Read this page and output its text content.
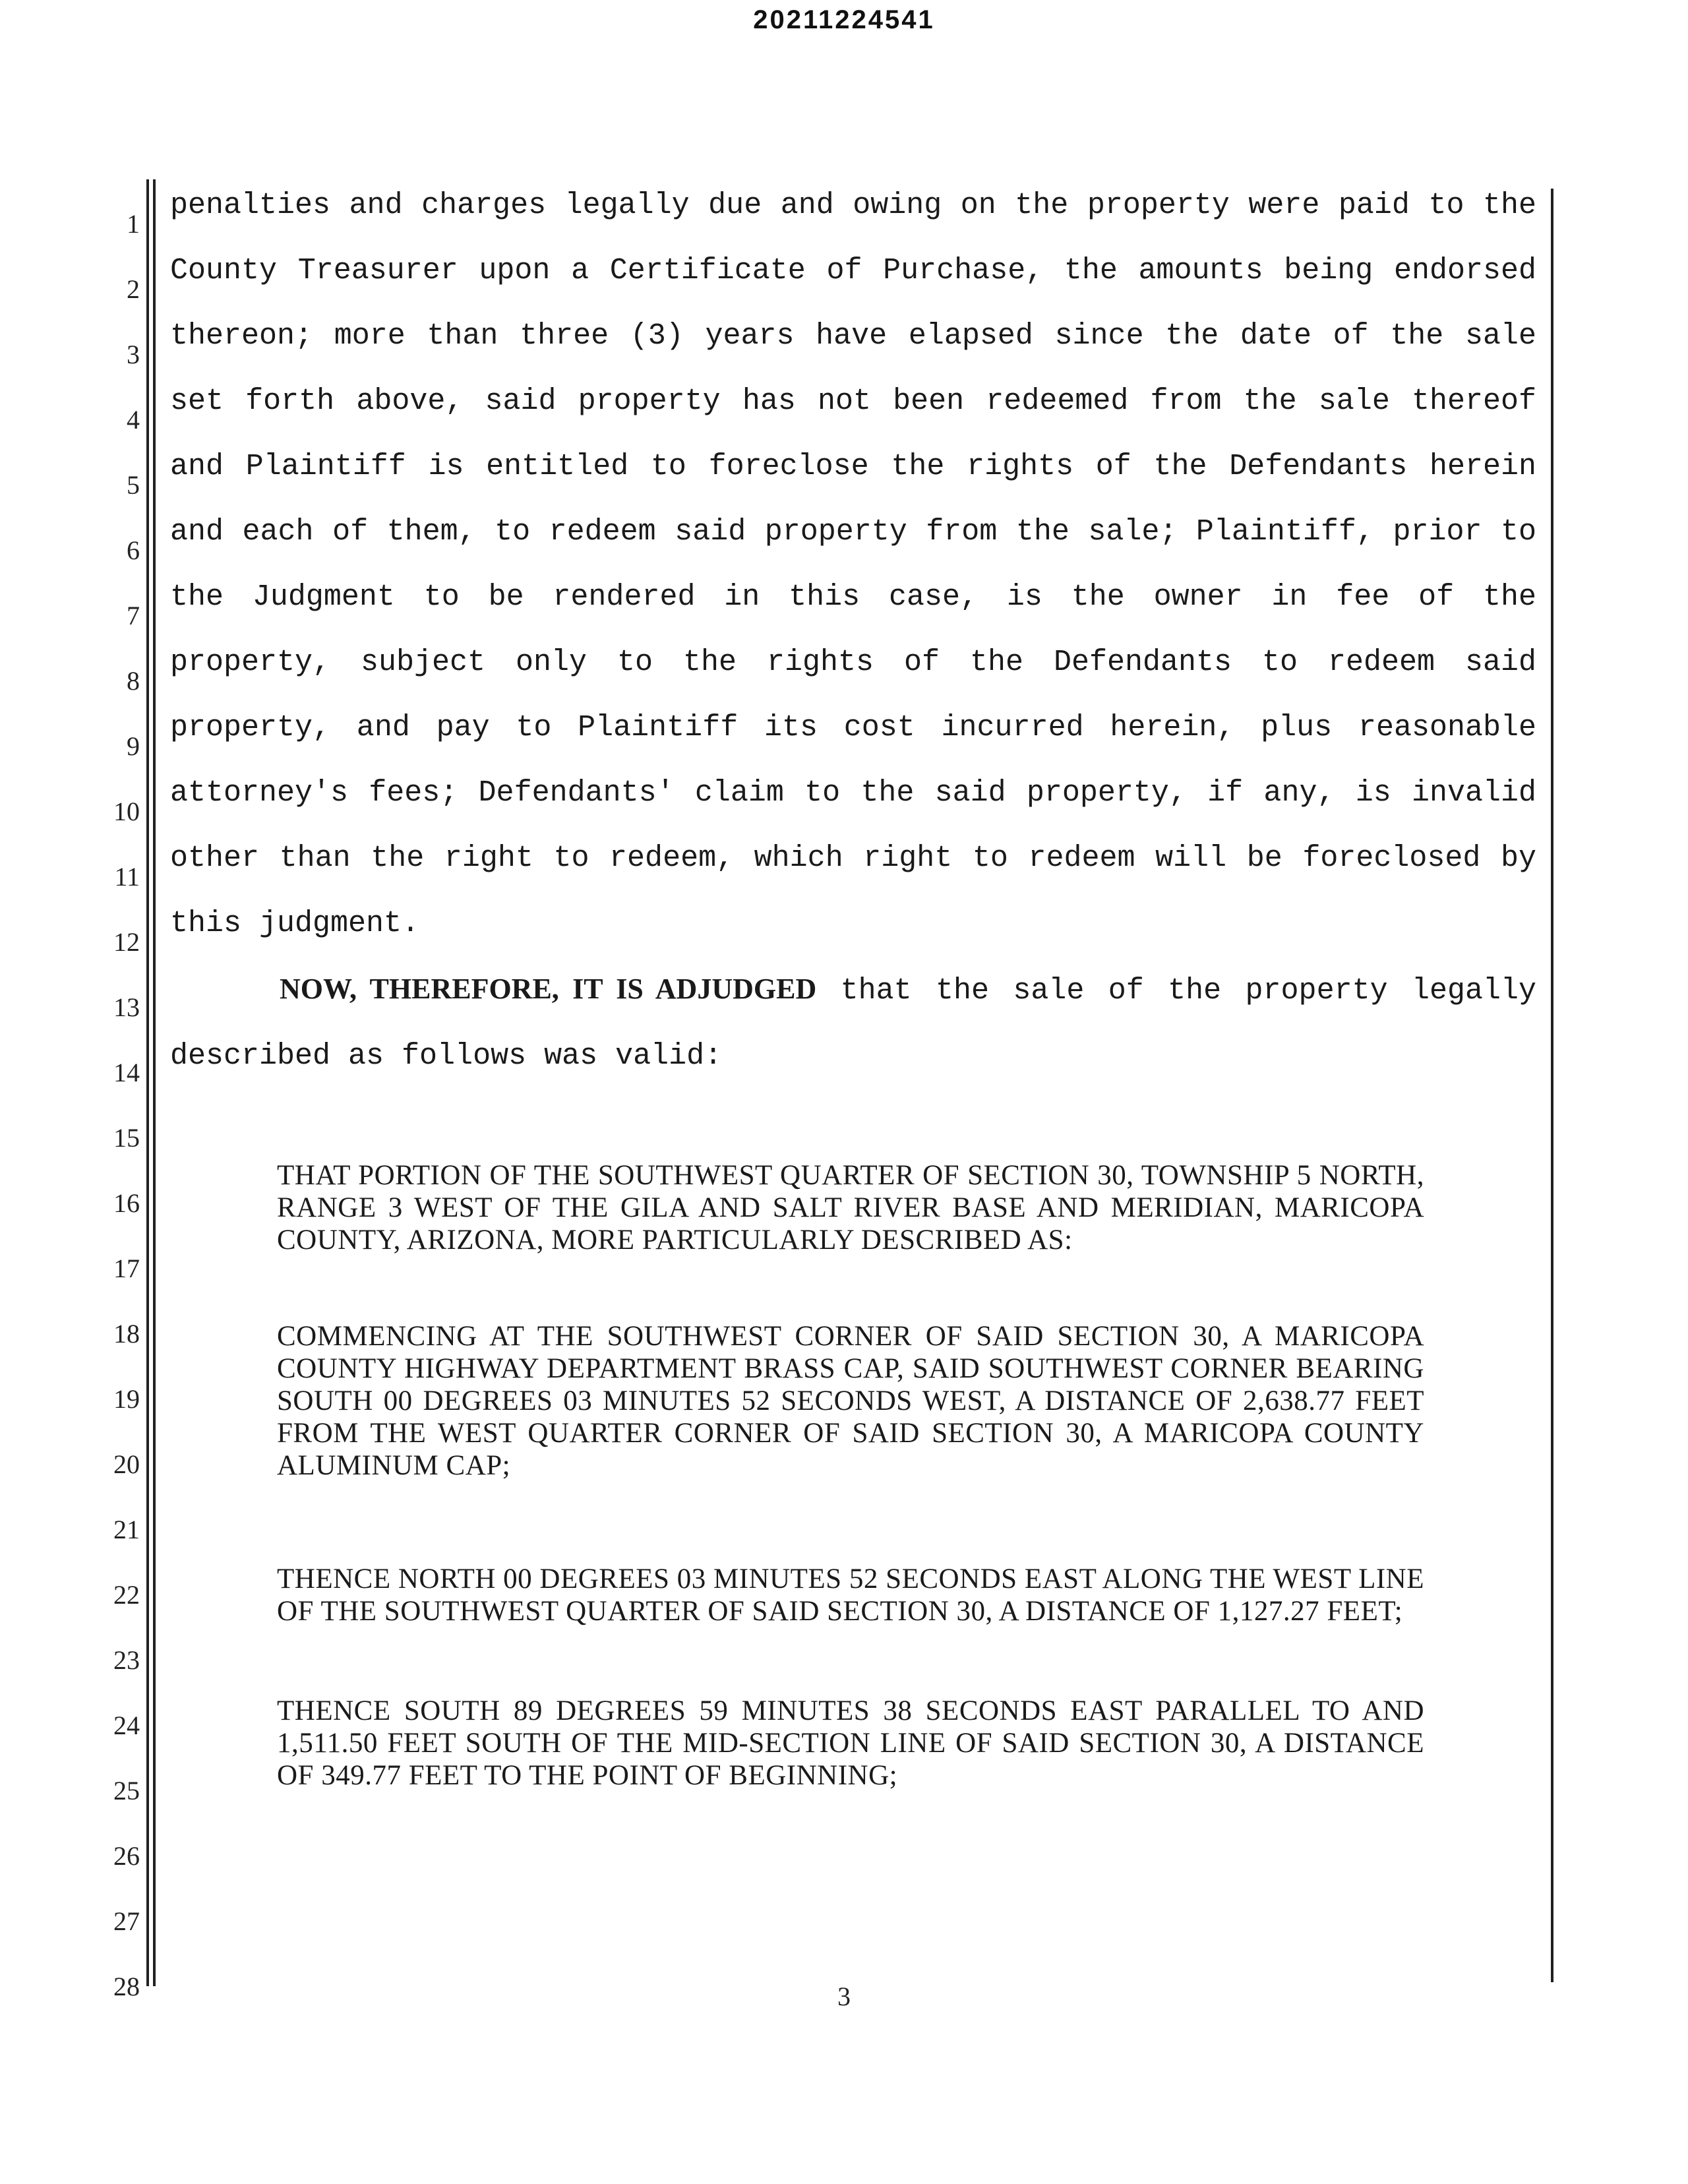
20211224541
1
2
3
4
5
6
7
8
9
10
11
12
13
14
15
16
17
18
19
20
21
22
23
24
25
26
27
28

penalties and charges legally due and owing on the property were paid to the County Treasurer upon a Certificate of Purchase, the amounts being endorsed thereon; more than three (3) years have elapsed since the date of the sale set forth above, said property has not been redeemed from the sale thereof and Plaintiff is entitled to foreclose the rights of the Defendants herein and each of them, to redeem said property from the sale; Plaintiff, prior to the Judgment to be rendered in this case, is the owner in fee of the property, subject only to the rights of the Defendants to redeem said property, and pay to Plaintiff its cost incurred herein, plus reasonable attorney's fees; Defendants' claim to the said property, if any, is invalid other than the right to redeem, which right to redeem will be foreclosed by this judgment.

NOW, THEREFORE, IT IS ADJUDGED that the sale of the property legally described as follows was valid:

THAT PORTION OF THE SOUTHWEST QUARTER OF SECTION 30, TOWNSHIP 5 NORTH, RANGE 3 WEST OF THE GILA AND SALT RIVER BASE AND MERIDIAN, MARICOPA COUNTY, ARIZONA, MORE PARTICULARLY DESCRIBED AS:

COMMENCING AT THE SOUTHWEST CORNER OF SAID SECTION 30, A MARICOPA COUNTY HIGHWAY DEPARTMENT BRASS CAP, SAID SOUTHWEST CORNER BEARING SOUTH 00 DEGREES 03 MINUTES 52 SECONDS WEST, A DISTANCE OF 2,638.77 FEET FROM THE WEST QUARTER CORNER OF SAID SECTION 30, A MARICOPA COUNTY ALUMINUM CAP;

THENCE NORTH 00 DEGREES 03 MINUTES 52 SECONDS EAST ALONG THE WEST LINE OF THE SOUTHWEST QUARTER OF SAID SECTION 30, A DISTANCE OF 1,127.27 FEET;

THENCE SOUTH 89 DEGREES 59 MINUTES 38 SECONDS EAST PARALLEL TO AND 1,511.50 FEET SOUTH OF THE MID-SECTION LINE OF SAID SECTION 30, A DISTANCE OF 349.77 FEET TO THE POINT OF BEGINNING;

3
